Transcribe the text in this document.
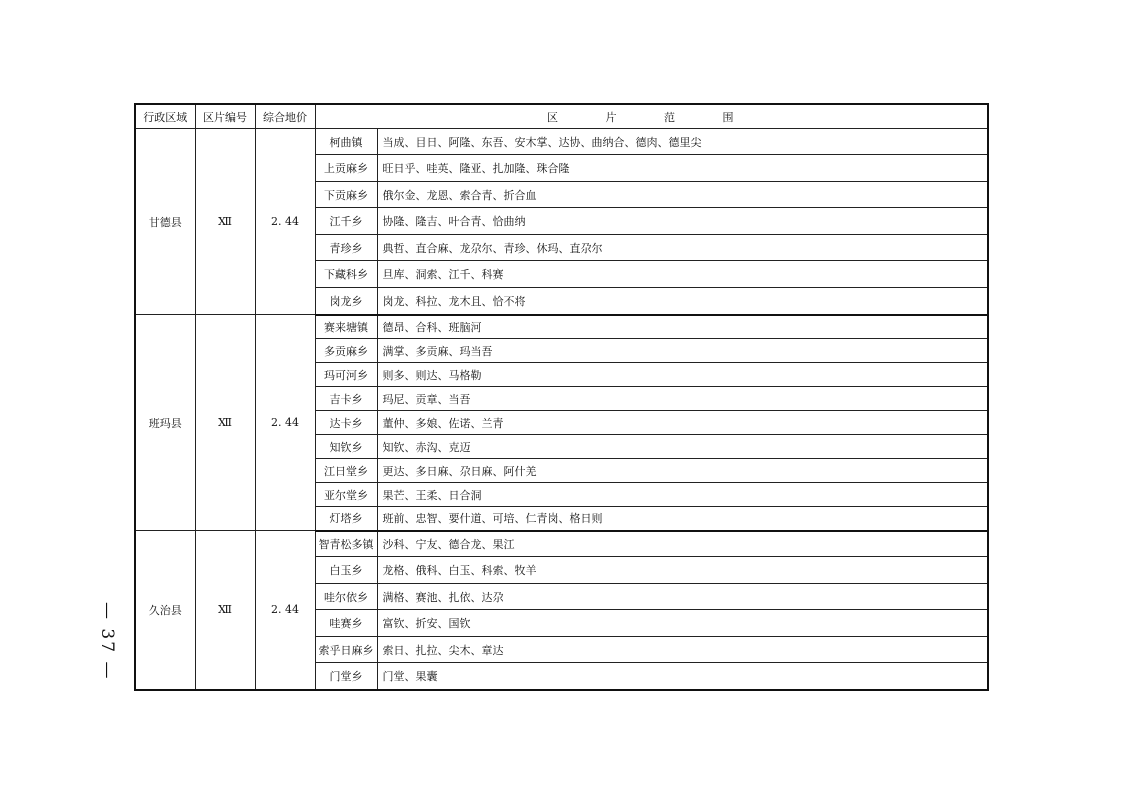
行政区域	区片编号	综合地价	区 片 范 围	
甘德县	Ⅻ	2. 44	柯曲镇	当成、目日、阿隆、东吾、安木掌、达协、曲纳合、德肉、德里尖
			上贡麻乡	旺日乎、哇英、隆亚、扎加隆、珠合隆
			下贡麻乡	俄尔金、龙恩、索合青、折合血
			江千乡	协隆、隆吉、叶合青、恰曲纳
			青珍乡	典哲、直合麻、龙尕尔、青珍、休玛、直尕尔
			下藏科乡	旦库、洞索、江千、科赛
			岗龙乡	岗龙、科拉、龙木且、恰不将
班玛县	Ⅻ	2. 44	赛来塘镇	德昂、合科、班脑河
			多贡麻乡	满掌、多贡麻、玛当吾
			玛可河乡	则多、则达、马格勒
			吉卡乡	玛尼、贡章、当吾
			达卡乡	董仲、多娘、佐诺、兰青
			知钦乡	知钦、赤沟、克迈
			江日堂乡	更达、多日麻、尕日麻、阿什羌
			亚尔堂乡	果芒、王柔、日合洞
			灯塔乡	班前、忠智、要什道、可培、仁青岗、格日则
久治县	Ⅻ	2. 44	智青松多镇	沙科、宁友、德合龙、果江
			白玉乡	龙格、俄科、白玉、科索、牧羊
			哇尔依乡	满格、赛池、扎依、达尕
			哇赛乡	富钦、折安、国钦
			索乎日麻乡	索日、扎拉、尖木、章达
			门堂乡	门堂、果囊
— 37 —
